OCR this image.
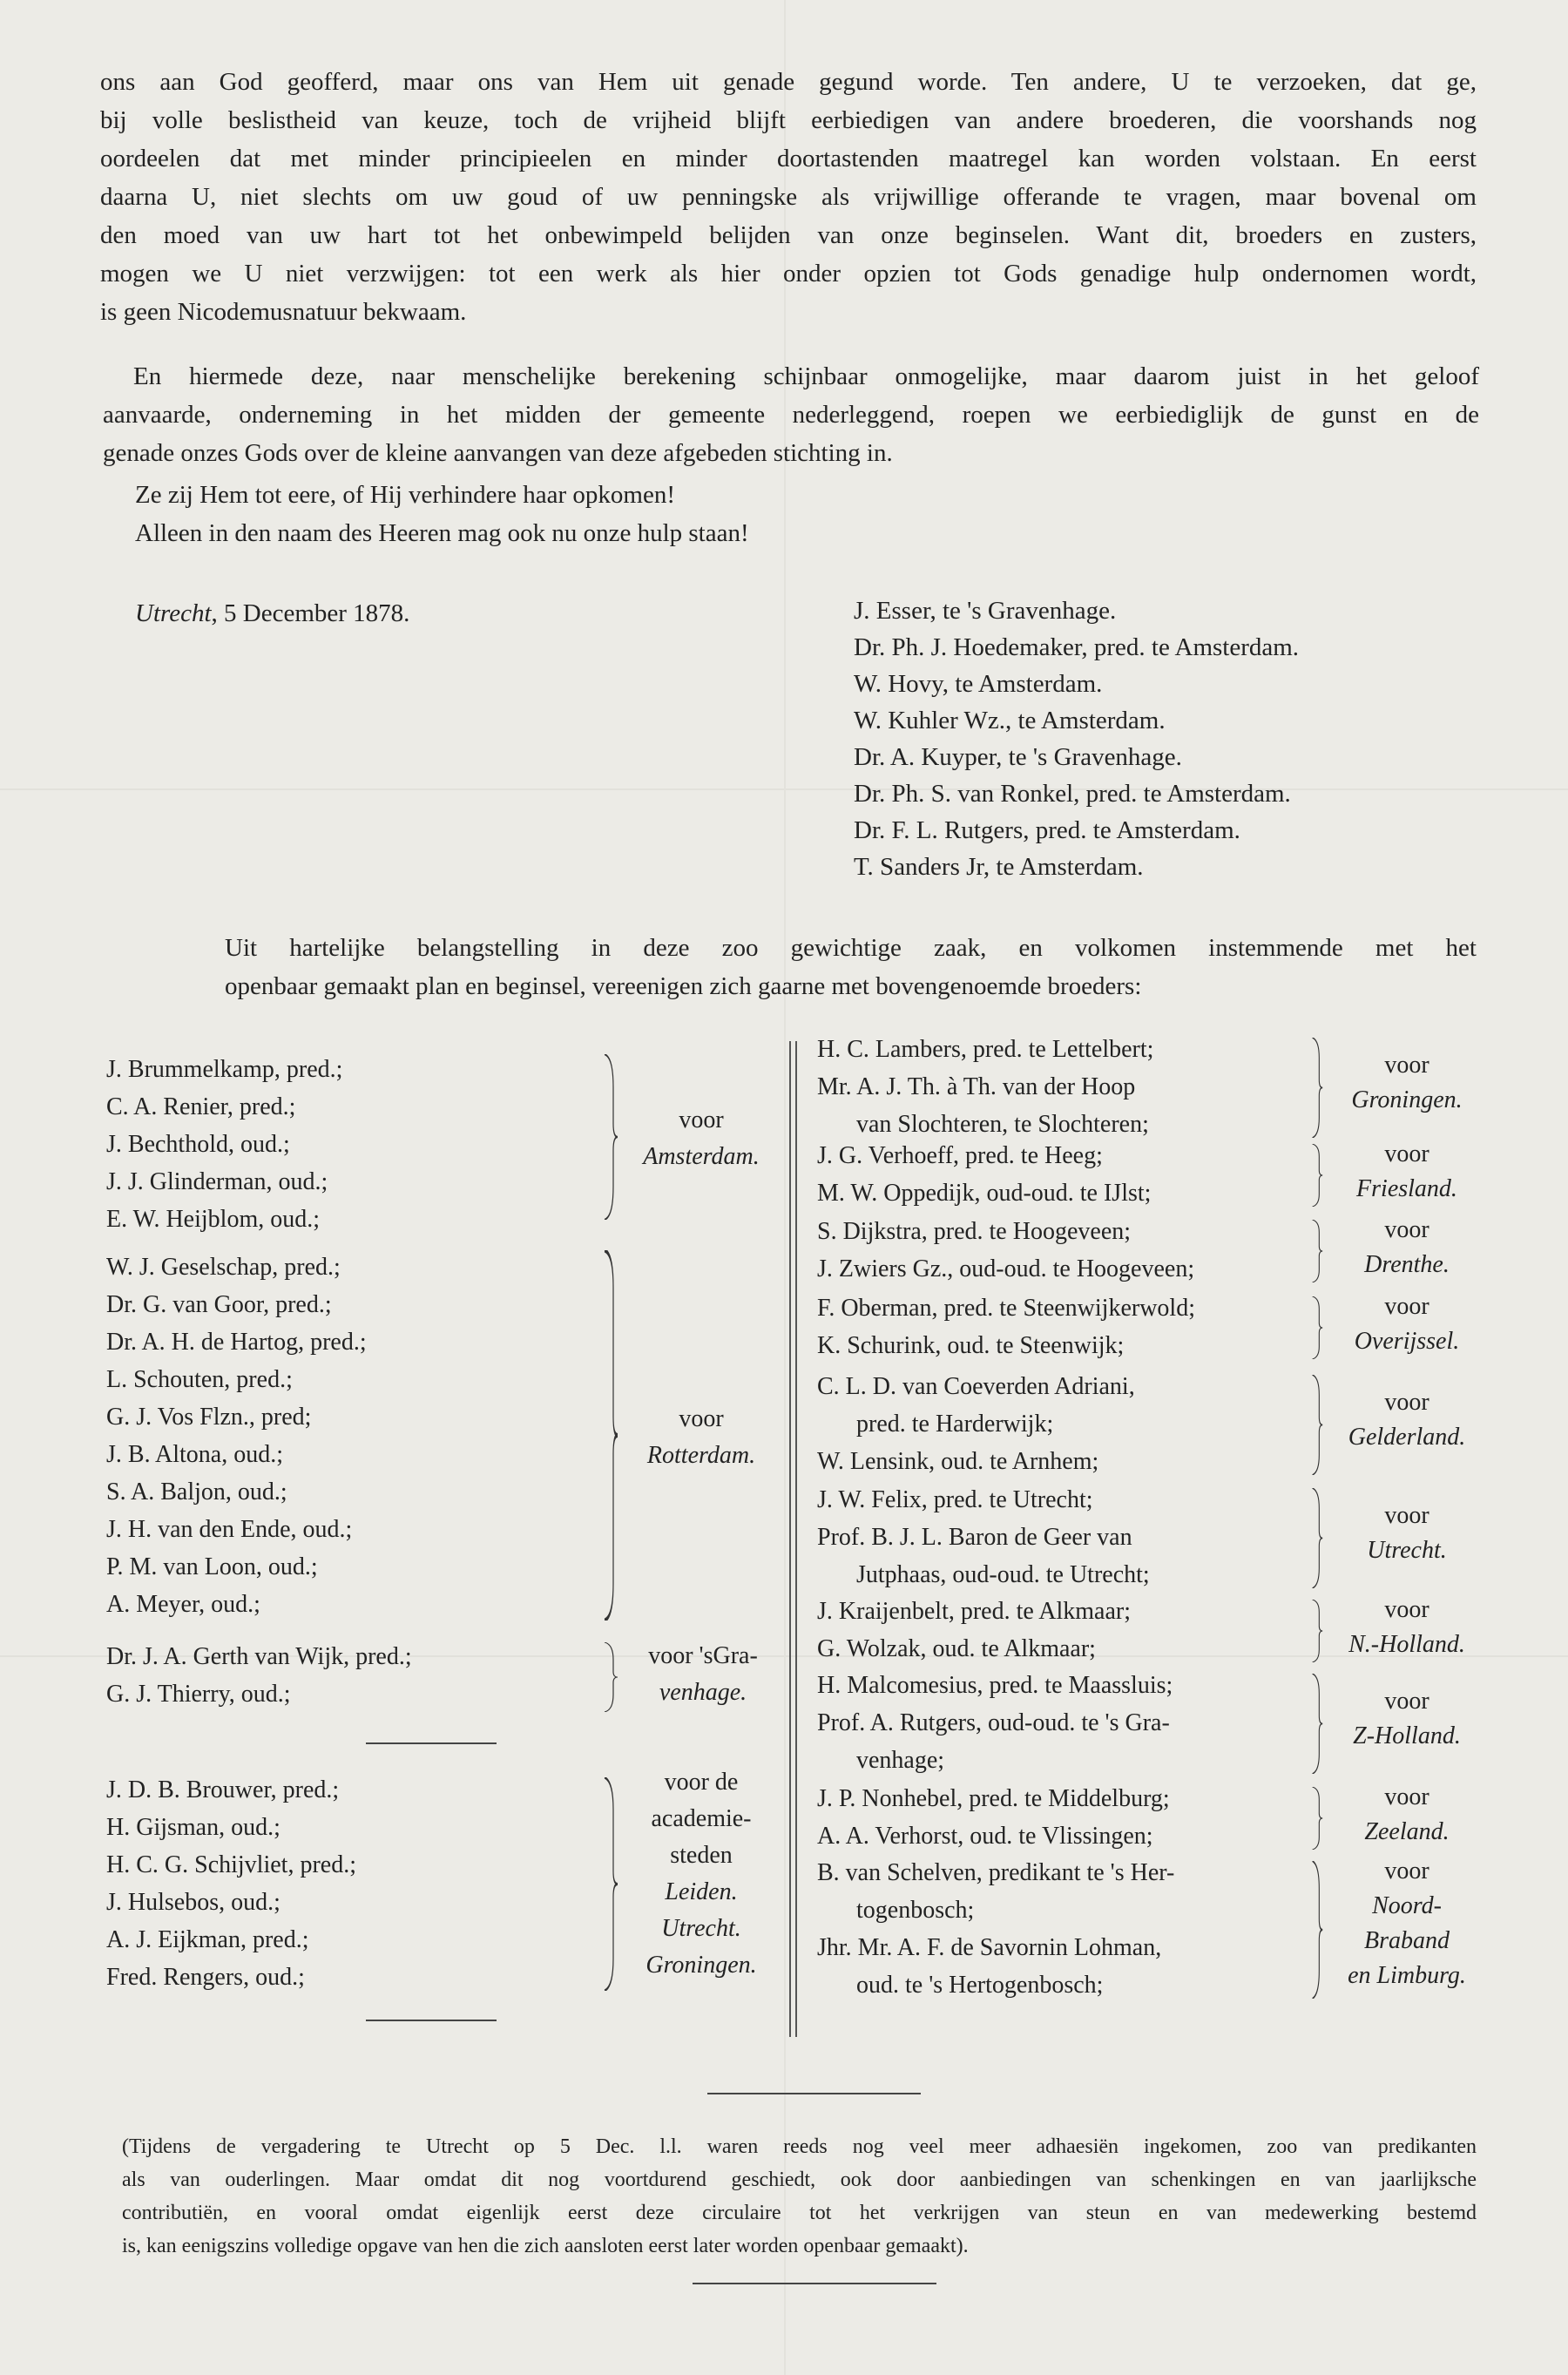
ons aan God geofferd, maar ons van Hem uit genade gegund worde. Ten andere, U te verzoeken, dat ge,
bij volle beslistheid van keuze, toch de vrijheid blijft eerbiedigen van andere broederen, die voorshands nog
oordeelen dat met minder principieelen en minder doortastenden maatregel kan worden volstaan. En eerst
daarna U, niet slechts om uw goud of uw penningske als vrijwillige offerande te vragen, maar bovenal om
den moed van uw hart tot het onbewimpeld belijden van onze beginselen. Want dit, broeders en zusters,
mogen we U niet verzwijgen: tot een werk als hier onder opzien tot Gods genadige hulp ondernomen wordt,
is geen Nicodemusnatuur bekwaam.
En hiermede deze, naar menschelijke berekening schijnbaar onmogelijke, maar daarom juist in het geloof
aanvaarde, onderneming in het midden der gemeente nederleggend, roepen we eerbiediglijk de gunst en de
genade onzes Gods over de kleine aanvangen van deze afgebeden stichting in.
Ze zij Hem tot eere, of Hij verhindere haar opkomen!
Alleen in den naam des Heeren mag ook nu onze hulp staan!
Utrecht, 5 December 1878.	J. Esser, te 's Gravenhage.
Dr. Ph. J. Hoedemaker, pred. te Amsterdam.
W. Hovy, te Amsterdam.
W. Kuhler Wz., te Amsterdam.
Dr. A. Kuyper, te 's Gravenhage.
Dr. Ph. S. van Ronkel, pred. te Amsterdam.
Dr. F. L. Rutgers, pred. te Amsterdam.
T. Sanders Jr, te Amsterdam.
Uit hartelijke belangstelling in deze zoo gewichtige zaak, en volkomen instemmende met het
openbaar gemaakt plan en beginsel, vereenigen zich gaarne met bovengenoemde broeders:
J. Brummelkamp, pred.;
C. A. Renier, pred.;
J. Bechthold, oud.;
J. J. Glinderman, oud.;
E. W. Heijblom, oud.;
voor
Amsterdam.
W. J. Geselschap, pred.;
Dr. G. van Goor, pred.;
Dr. A. H. de Hartog, pred.;
L. Schouten, pred.;
G. J. Vos Flzn., pred;
J. B. Altona, oud.;
S. A. Baljon, oud.;
J. H. van den Ende, oud.;
P. M. van Loon, oud.;
A. Meyer, oud.;
voor
Rotterdam.
Dr. J. A. Gerth van Wijk, pred.;
G. J. Thierry, oud.;
voor 'sGra-
venhage.
J. D. B. Brouwer, pred.;
H. Gijsman, oud.;
H. C. G. Schijvliet, pred.;
J. Hulsebos, oud.;
A. J. Eijkman, pred.;
Fred. Rengers, oud.;
voor de
academie-
steden
Leiden.
Utrecht.
Groningen.
H. C. Lambers, pred. te Lettelbert;
Mr. A. J. Th. à Th. van der Hoop
van Slochteren, te Slochteren;
voor
Groningen.
J. G. Verhoeff, pred. te Heeg;
M. W. Oppedijk, oud-oud. te IJlst;
voor
Friesland.
S. Dijkstra, pred. te Hoogeveen;
J. Zwiers Gz., oud-oud. te Hoogeveen;
voor
Drenthe.
F. Oberman, pred. te Steenwijkerwold;
K. Schurink, oud. te Steenwijk;
voor
Overijssel.
C. L. D. van Coeverden Adriani,
pred. te Harderwijk;
W. Lensink, oud. te Arnhem;
voor
Gelderland.
J. W. Felix, pred. te Utrecht;
Prof. B. J. L. Baron de Geer van
Jutphaas, oud-oud. te Utrecht;
voor
Utrecht.
J. Kraijenbelt, pred. te Alkmaar;
G. Wolzak, oud. te Alkmaar;
voor
N.-Holland.
H. Malcomesius, pred. te Maassluis;
Prof. A. Rutgers, oud-oud. te 's Gra-
venhage;
voor
Z-Holland.
J. P. Nonhebel, pred. te Middelburg;
A. A. Verhorst, oud. te Vlissingen;
voor
Zeeland.
B. van Schelven, predikant te 's Her-
togenbosch;
Jhr. Mr. A. F. de Savornin Lohman,
oud. te 's Hertogenbosch;
voor
Noord-
Braband
en Limburg.
(Tijdens de vergadering te Utrecht op 5 Dec. l.l. waren reeds nog veel meer adhaesiën ingekomen, zoo van predikanten
als van ouderlingen. Maar omdat dit nog voortdurend geschiedt, ook door aanbiedingen van schenkingen en van jaarlijksche
contributiën, en vooral omdat eigenlijk eerst deze circulaire tot het verkrijgen van steun en van medewerking bestemd
is, kan eenigszins volledige opgave van hen die zich aansloten eerst later worden openbaar gemaakt).
